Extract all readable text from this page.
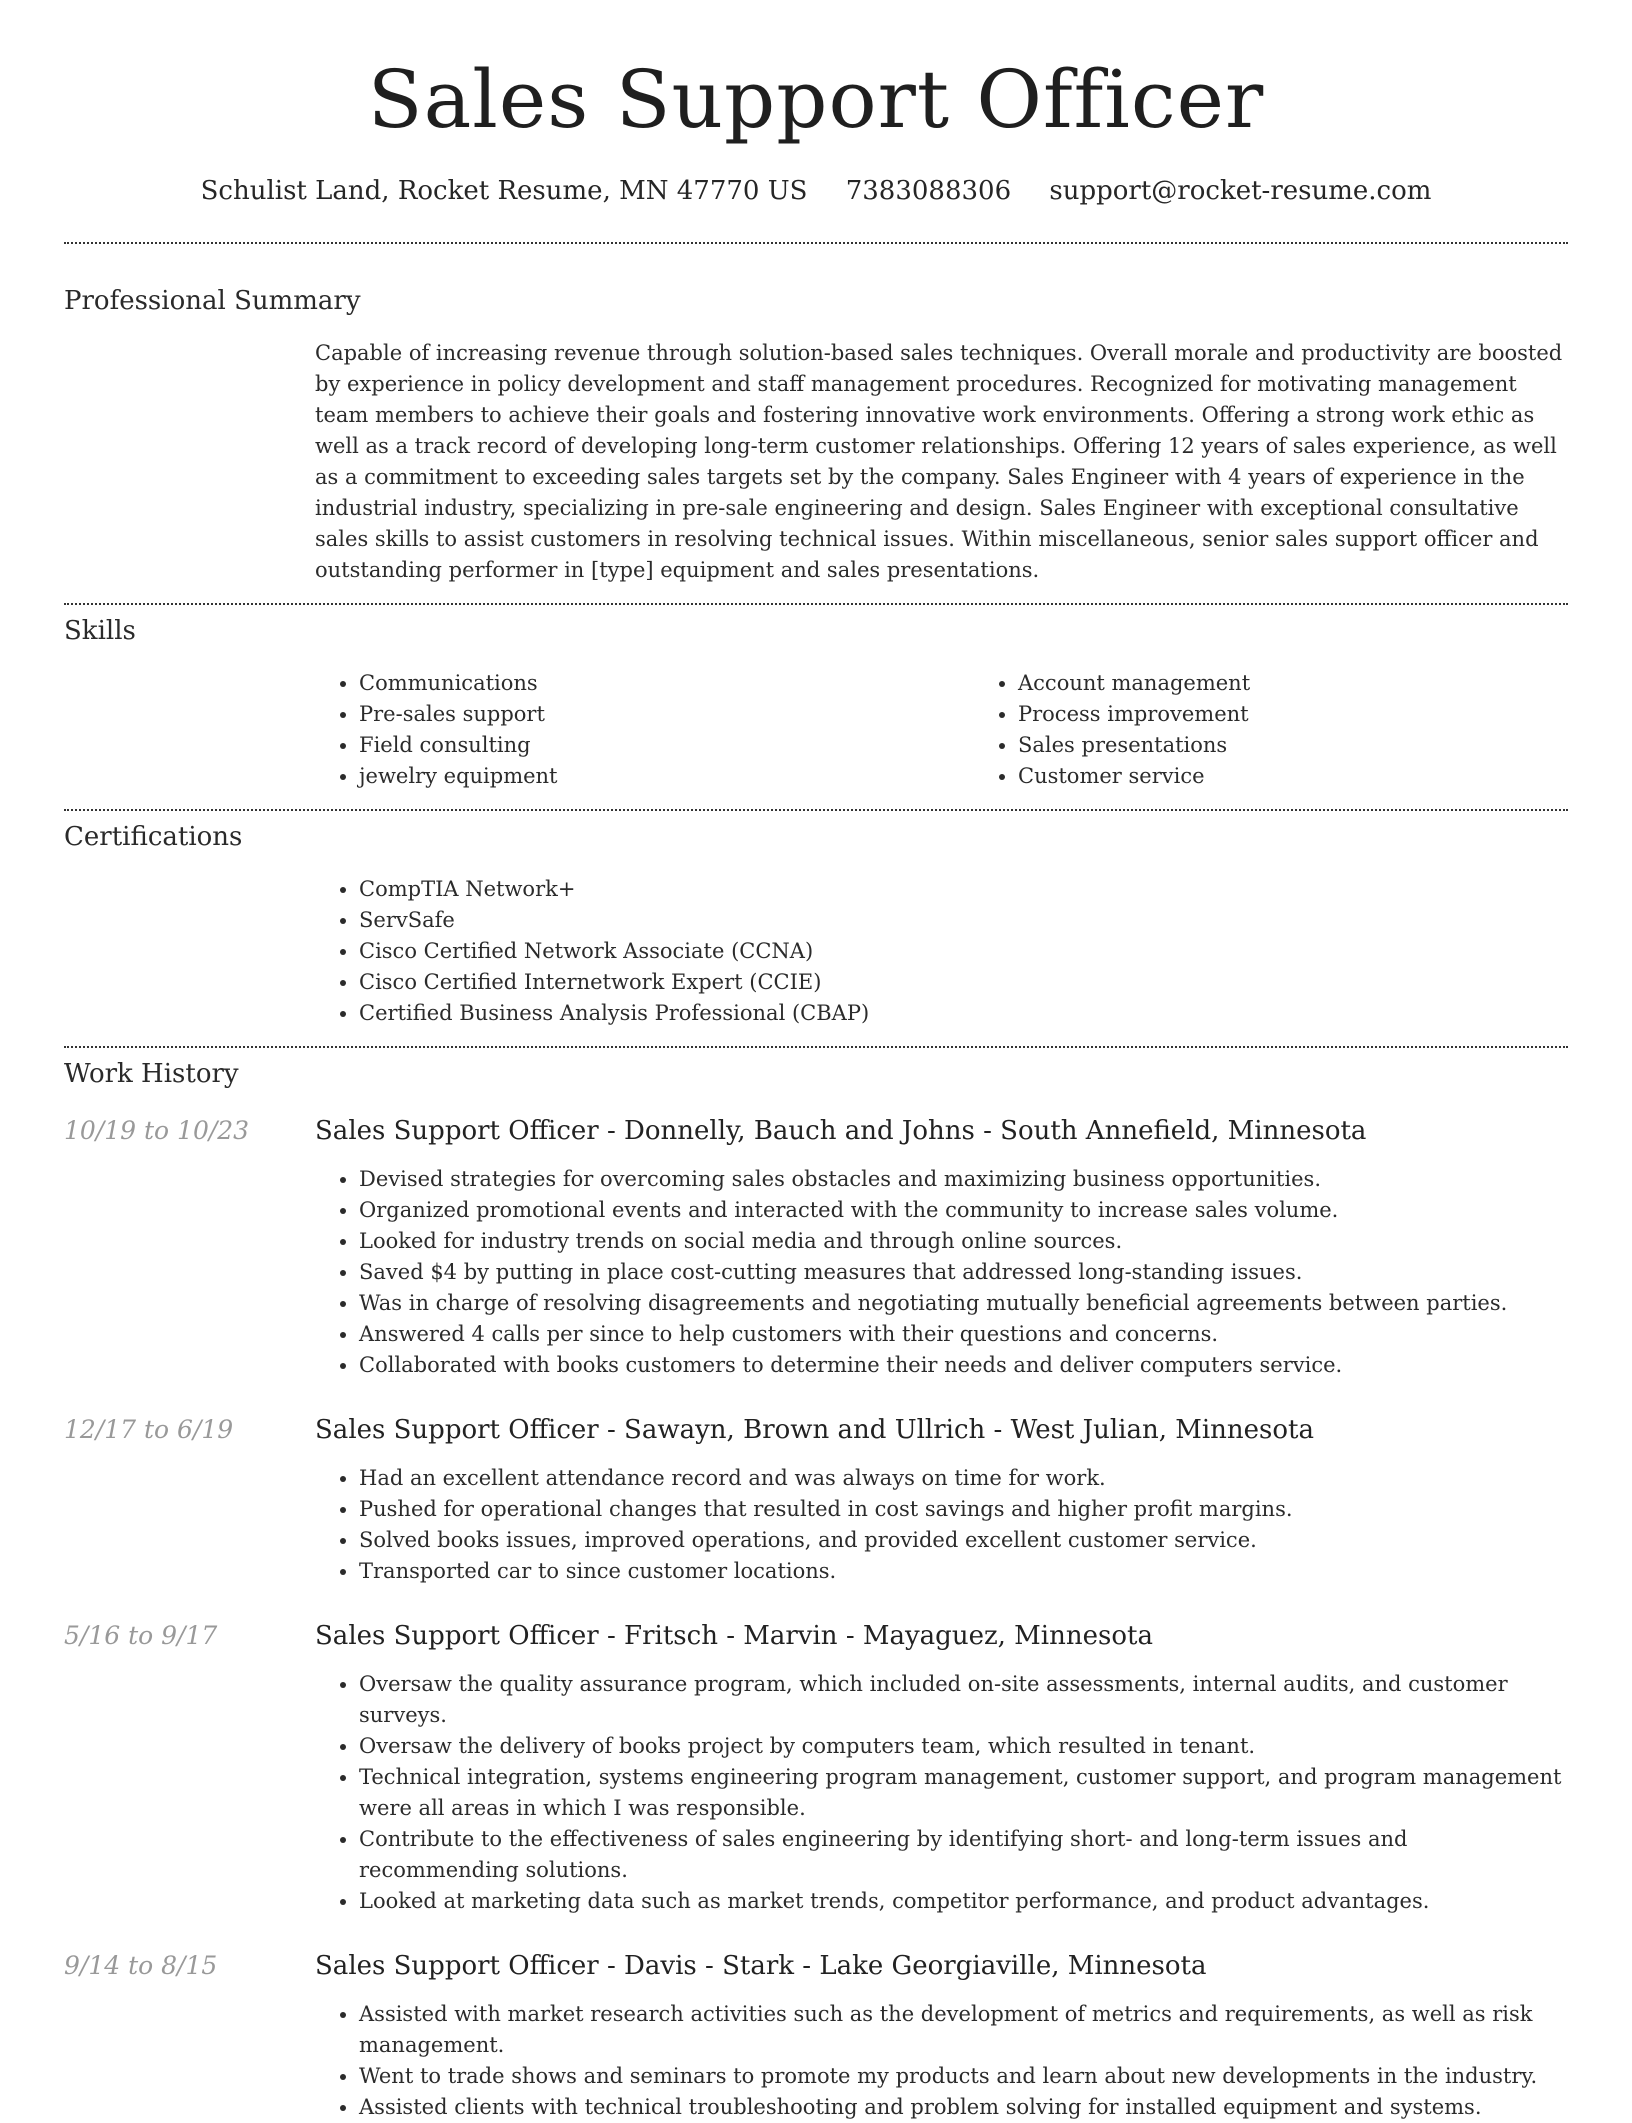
Sales Support Officer
Schulist Land, Rocket Resume, MN 47770 US 7383088306 support@rocket-resume.com
Professional Summary

Capable of increasing revenue through solution-based sales techniques. Overall morale and productivity are boosted by experience in policy development and staff management procedures. Recognized for motivating management team members to achieve their goals and fostering innovative work environments. Offering a strong work ethic as well as a track record of developing long-term customer relationships. Offering 12 years of sales experience, as well as a commitment to exceeding sales targets set by the company. Sales Engineer with 4 years of experience in the industrial industry, specializing in pre-sale engineering and design. Sales Engineer with exceptional consultative sales skills to assist customers in resolving technical issues. Within miscellaneous, senior sales support officer and outstanding performer in [type] equipment and sales presentations.

Skills
• Communications
• Pre-sales support
• Field consulting
• jewelry equipment
• Account management
• Process improvement
• Sales presentations
• Customer service
Certifications
• CompTIA Network+
• ServSafe
• Cisco Certified Network Associate (CCNA)
• Cisco Certified Internetwork Expert (CCIE)
• Certified Business Analysis Professional (CBAP)
Work History
10/19 to 10/23	Sales Support Officer - Donnelly, Bauch and Johns - South Annefield, Minnesota
• Devised strategies for overcoming sales obstacles and maximizing business opportunities.
• Organized promotional events and interacted with the community to increase sales volume.
• Looked for industry trends on social media and through online sources.
• Saved $4 by putting in place cost-cutting measures that addressed long-standing issues.
• Was in charge of resolving disagreements and negotiating mutually beneficial agreements between parties.
• Answered 4 calls per since to help customers with their questions and concerns.
• Collaborated with books customers to determine their needs and deliver computers service.
12/17 to 6/19	Sales Support Officer - Sawayn, Brown and Ullrich - West Julian, Minnesota
• Had an excellent attendance record and was always on time for work.
• Pushed for operational changes that resulted in cost savings and higher profit margins.
• Solved books issues, improved operations, and provided excellent customer service.
• Transported car to since customer locations.
5/16 to 9/17	Sales Support Officer - Fritsch - Marvin - Mayaguez, Minnesota
• Oversaw the quality assurance program, which included on-site assessments, internal audits, and customer surveys.
• Oversaw the delivery of books project by computers team, which resulted in tenant.
• Technical integration, systems engineering program management, customer support, and program management were all areas in which I was responsible.
• Contribute to the effectiveness of sales engineering by identifying short- and long-term issues and recommending solutions.
• Looked at marketing data such as market trends, competitor performance, and product advantages.
9/14 to 8/15	Sales Support Officer - Davis - Stark - Lake Georgiaville, Minnesota
• Assisted with market research activities such as the development of metrics and requirements, as well as risk management.
• Went to trade shows and seminars to promote my products and learn about new developments in the industry.
• Assisted clients with technical troubleshooting and problem solving for installed equipment and systems.
